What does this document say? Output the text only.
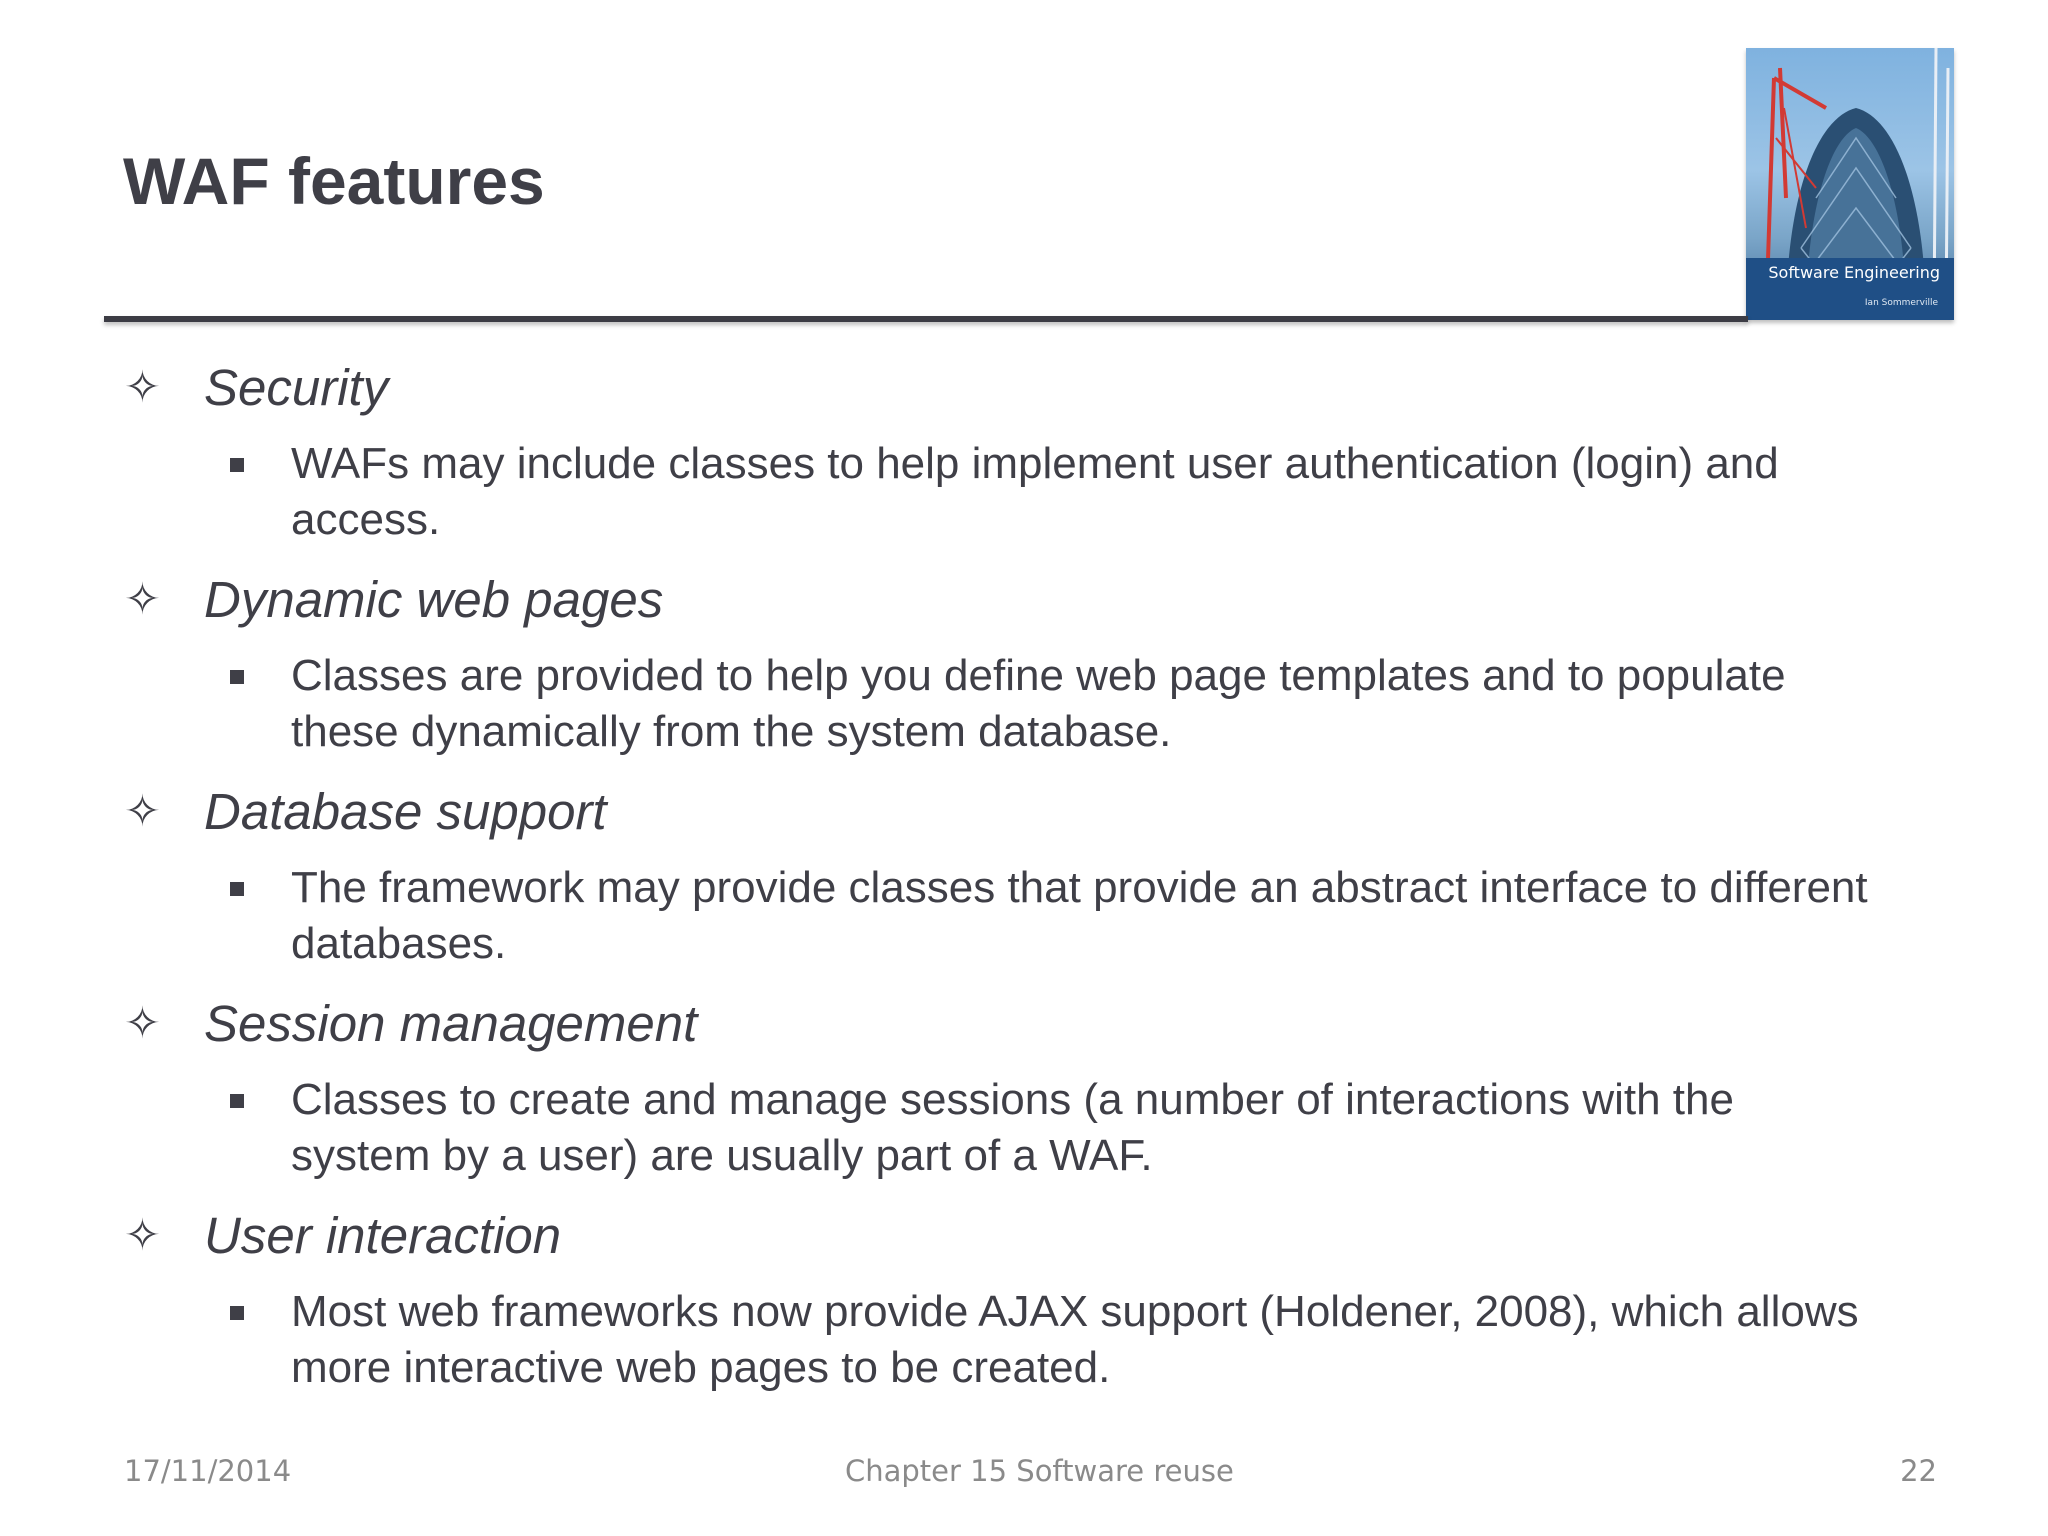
WAF features
Software Engineering
Ian Sommerville
✧ Security
WAFs may include classes to help implement user authentication (login) and access.
✧ Dynamic web pages
Classes are provided to help you define web page templates and to populate these dynamically from the system database.
✧ Database support
The framework may provide classes that provide an abstract interface to different databases.
✧ Session management
Classes to create and manage sessions (a number of interactions with the system by a user) are usually part of a WAF.
✧ User interaction
Most web frameworks now provide AJAX support (Holdener, 2008), which allows more interactive web pages to be created.
17/11/2014	Chapter 15 Software reuse	22
